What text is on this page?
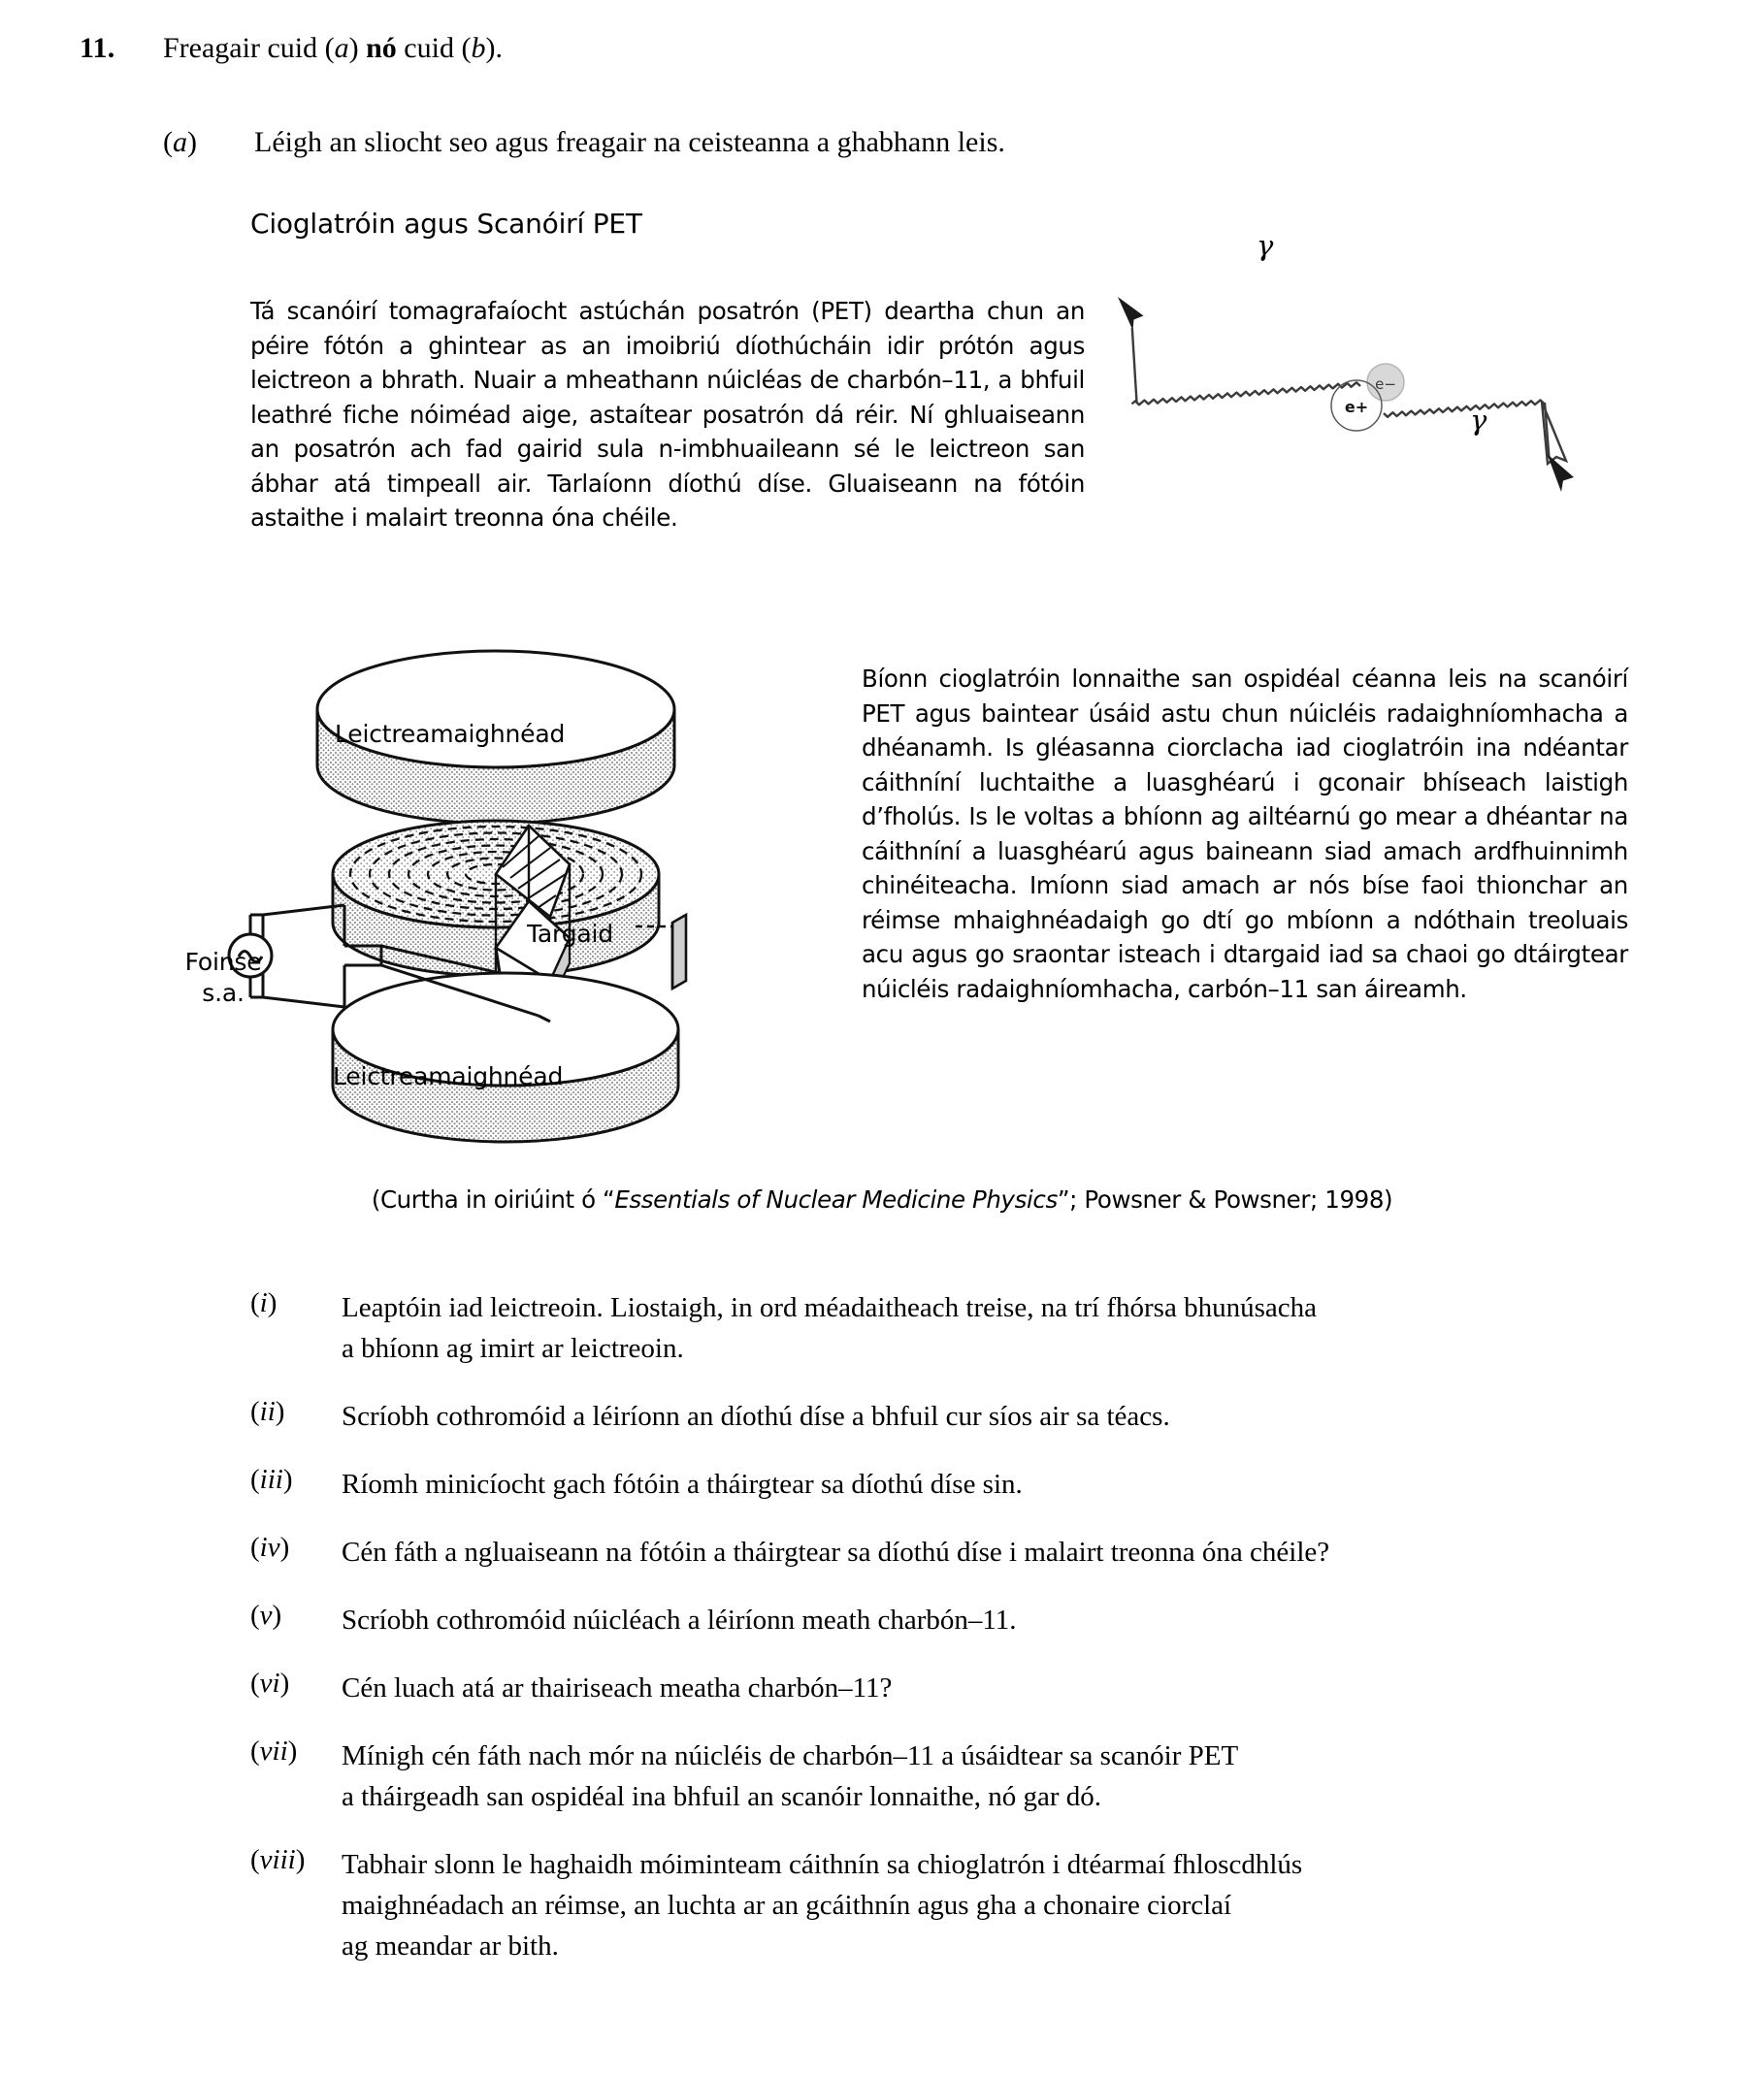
11. Freagair cuid (a) nó cuid (b).
(a) Léigh an sliocht seo agus freagair na ceisteanna a ghabhann leis.
Cioglatróin agus Scanóirí PET
Tá scanóirí tomagrafaíocht astúchán posatrón (PET) deartha chun an péire fótón a ghintear as an imoibriú díothúcháin idir prótón agus leictreon a bhrath. Nuair a mheathann núicléas de charbón–11, a bhfuil leathré fiche nóiméad aige, astaítear posatrón dá réir. Ní ghluaiseann an posatrón ach fad gairid sula n-imbhuaileann sé le leictreon san ábhar atá timpeall air. Tarlaíonn díothú díse. Gluaiseann na fótóin astaithe i malairt treonna óna chéile.
e−
e+
γ
γ
Leictreamaighnéad
Leictreamaighnéad
Targaid
Foinse
s.a.
Bíonn cioglatróin lonnaithe san ospidéal céanna leis na scanóirí PET agus baintear úsáid astu chun núicléis radaighníomhacha a dhéanamh. Is gléasanna ciorclacha iad cioglatróin ina ndéantar cáithníní luchtaithe a luasghéarú i gconair bhíseach laistigh d’fholús. Is le voltas a bhíonn ag ailtéarnú go mear a dhéantar na cáithníní a luasghéarú agus baineann siad amach ardfhuinnimh chinéiteacha. Imíonn siad amach ar nós bíse faoi thionchar an réimse mhaighnéadaigh go dtí go mbíonn a ndóthain treoluais acu agus go sraontar isteach i dtargaid iad sa chaoi go dtáirgtear núicléis radaighníomhacha, carbón–11 san áireamh.
(Curtha in oiriúint ó “Essentials of Nuclear Medicine Physics”; Powsner & Powsner; 1998)
(i)	Leaptóin iad leictreoin. Liostaigh, in ord méadaitheach treise, na trí fhórsa bhunúsacha
a bhíonn ag imirt ar leictreoin.
(ii)	Scríobh cothromóid a léiríonn an díothú díse a bhfuil cur síos air sa téacs.
(iii)	Ríomh minicíocht gach fótóin a tháirgtear sa díothú díse sin.
(iv)	Cén fáth a ngluaiseann na fótóin a tháirgtear sa díothú díse i malairt treonna óna chéile?
(v)	Scríobh cothromóid núicléach a léiríonn meath charbón–11.
(vi)	Cén luach atá ar thairiseach meatha charbón–11?
(vii)	Mínigh cén fáth nach mór na núicléis de charbón–11 a úsáidtear sa scanóir PET
a tháirgeadh san ospidéal ina bhfuil an scanóir lonnaithe, nó gar dó.
(viii)	Tabhair slonn le haghaidh móiminteam cáithnín sa chioglatrón i dtéarmaí fhloscdhlús
maighnéadach an réimse, an luchta ar an gcáithnín agus gha a chonaire ciorclaí
ag meandar ar bith.
